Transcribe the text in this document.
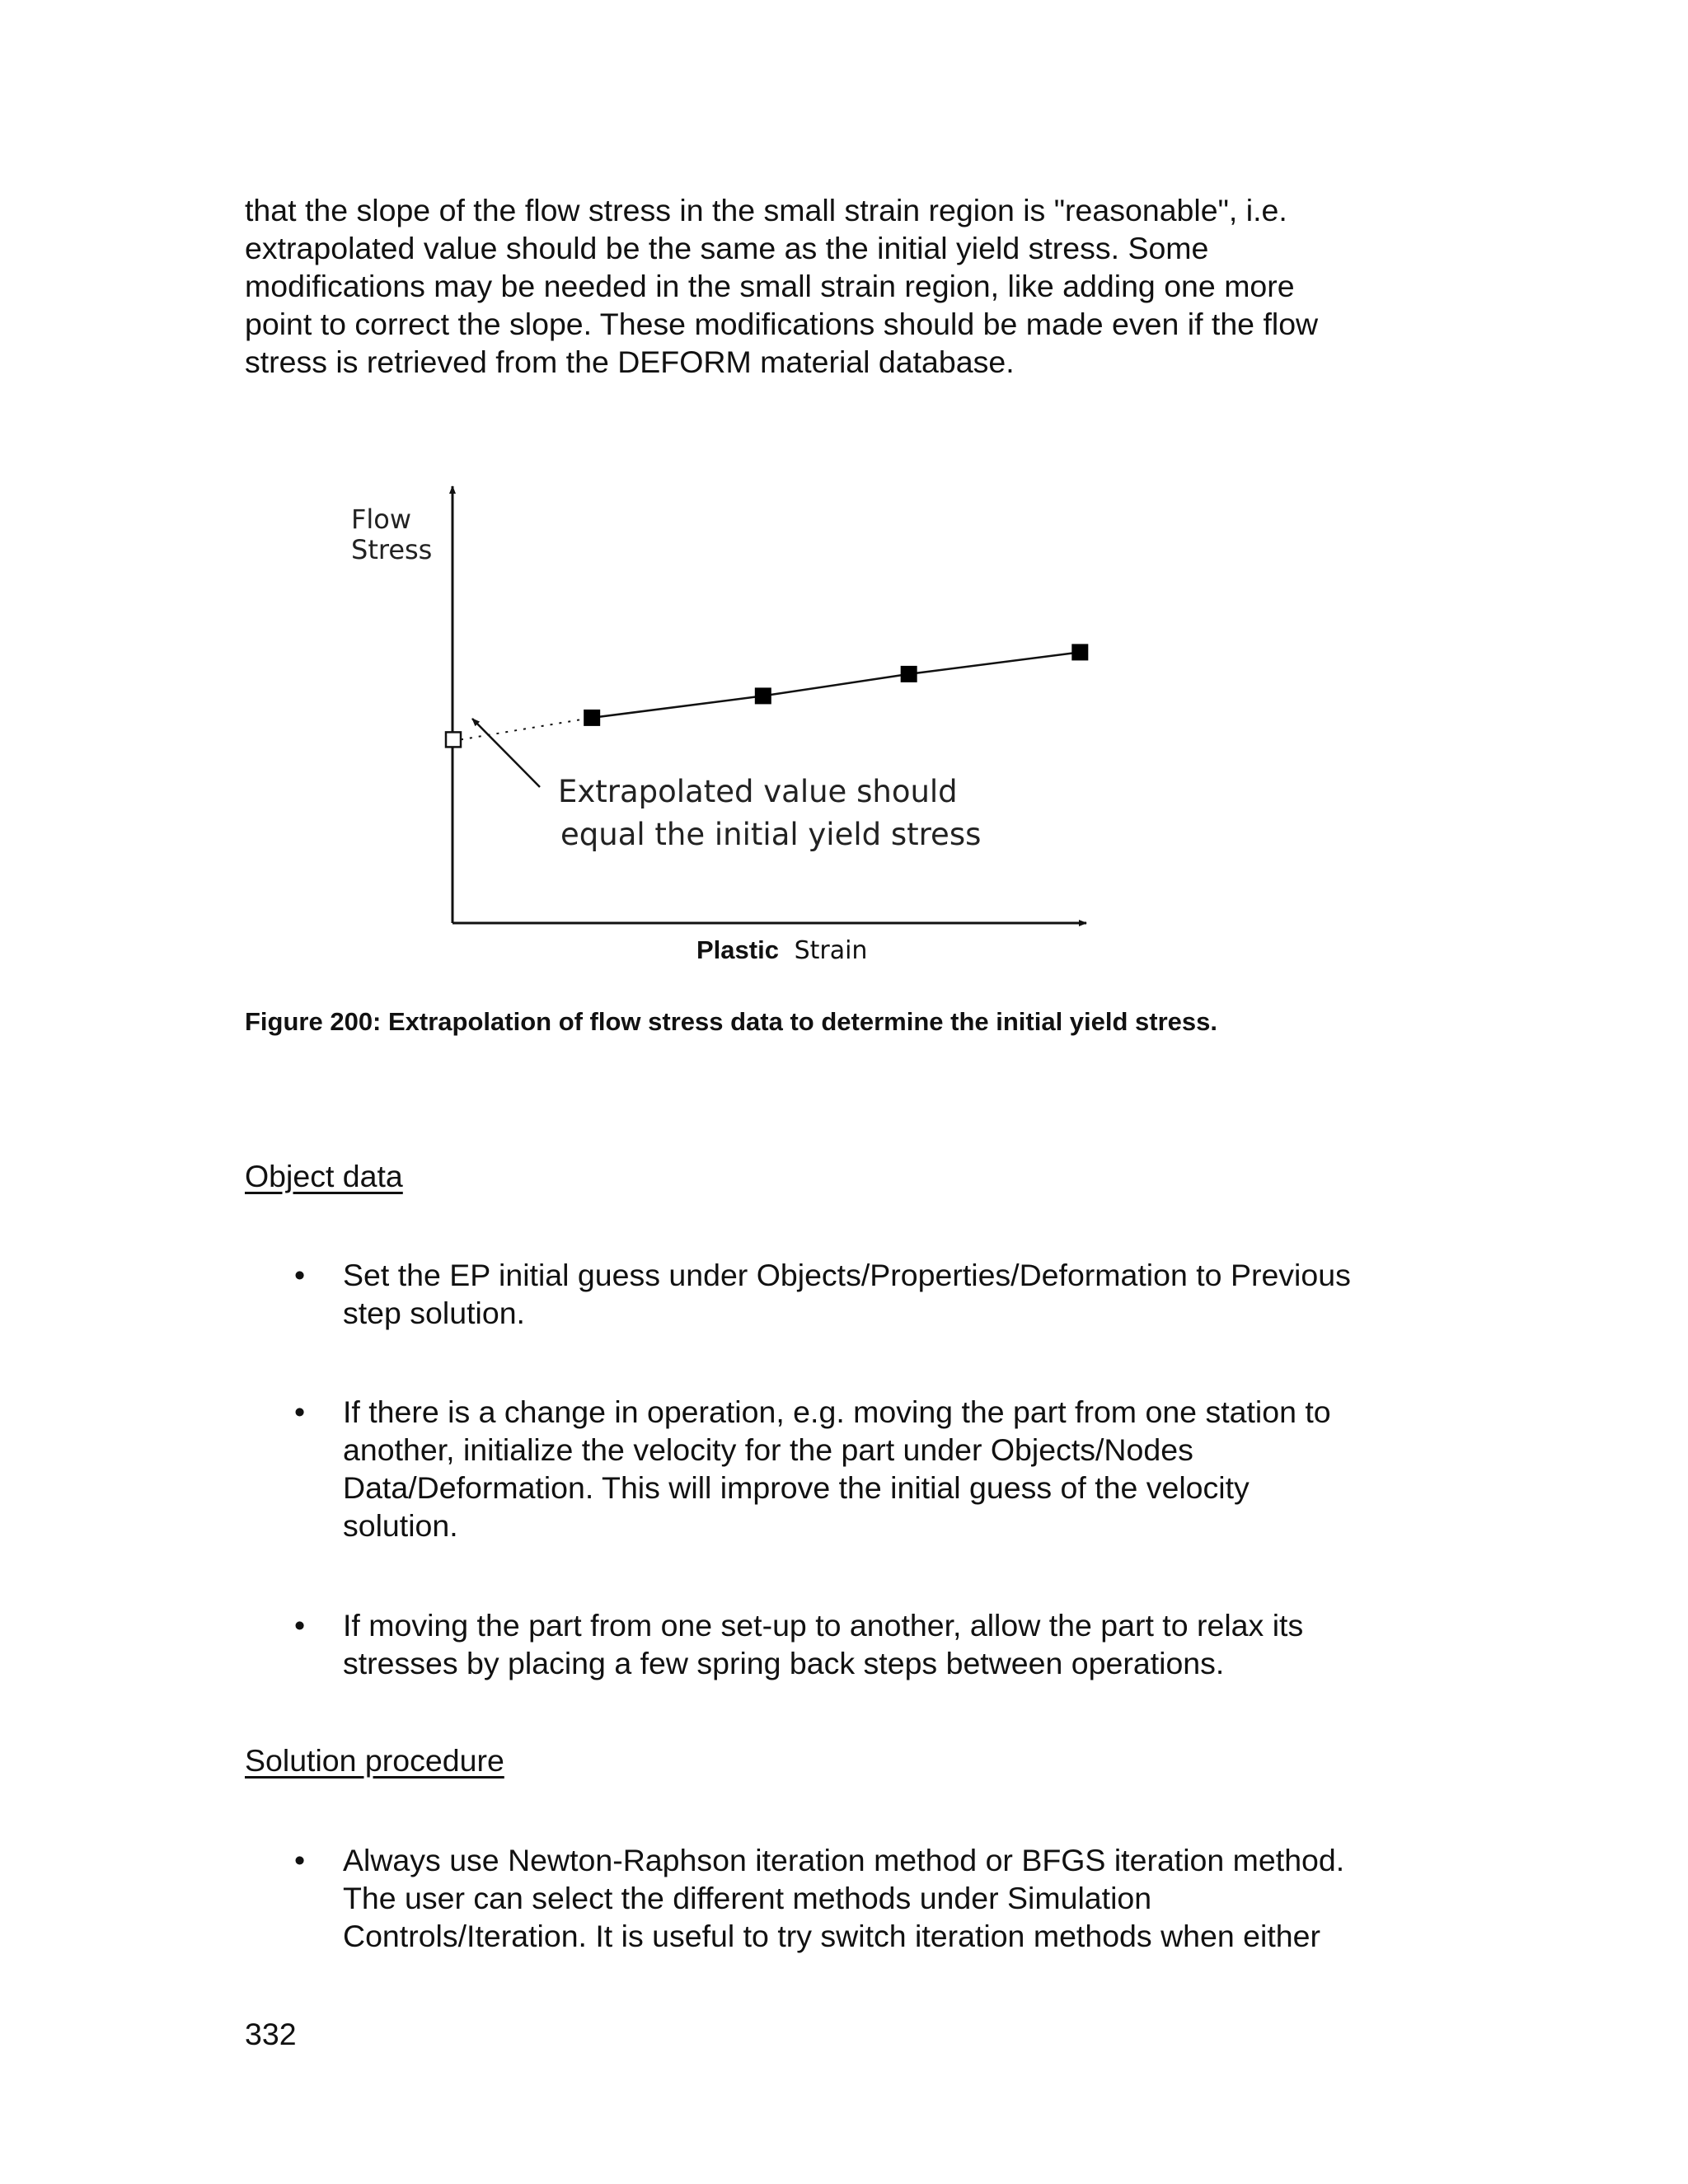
that the slope of the flow stress in the small strain region is "reasonable", i.e.
extrapolated value should be the same as the initial yield stress. Some
modifications may be needed in the small strain region, like adding one more
point to correct the slope. These modifications should be made even if the flow
stress is retrieved from the DEFORM material database.

Flow
Stress
Plastic Strain
Extrapolated value should
equal the initial yield stress

Figure 200: Extrapolation of flow stress data to determine the initial yield stress.

Object data

•	Set the EP initial guess under Objects/Properties/Deformation to Previous
step solution.
•	If there is a change in operation, e.g. moving the part from one station to
another, initialize the velocity for the part under Objects/Nodes
Data/Deformation. This will improve the initial guess of the velocity
solution.
•	If moving the part from one set-up to another, allow the part to relax its
stresses by placing a few spring back steps between operations.

Solution procedure

•	Always use Newton-Raphson iteration method or BFGS iteration method.
The user can select the different methods under Simulation
Controls/Iteration. It is useful to try switch iteration methods when either

332
